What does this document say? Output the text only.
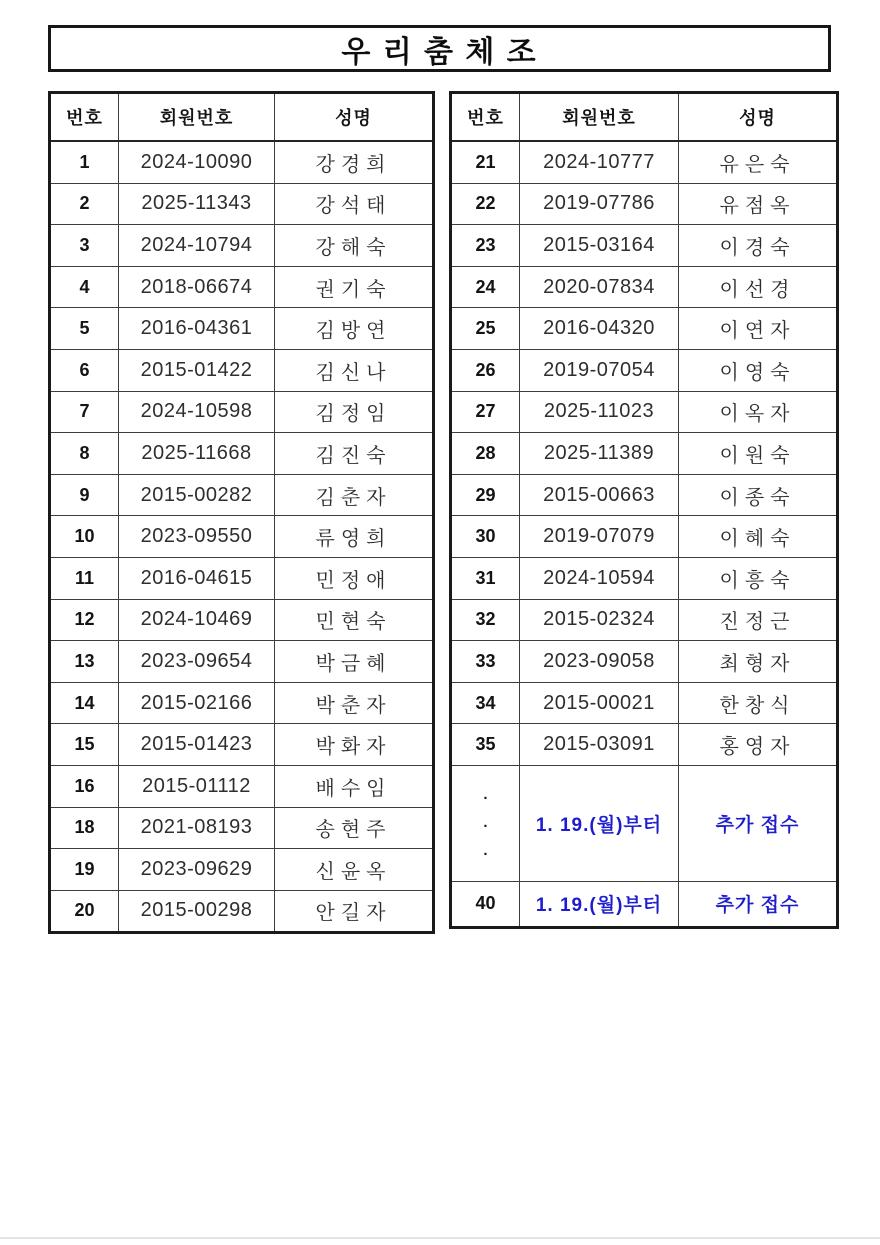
우 리 춤 체 조
번호	회원번호	성명
1	2024-10090	강경희
2	2025-11343	강석태
3	2024-10794	강해숙
4	2018-06674	권기숙
5	2016-04361	김방연
6	2015-01422	김신나
7	2024-10598	김정임
8	2025-11668	김진숙
9	2015-00282	김춘자
10	2023-09550	류영희
11	2016-04615	민정애
12	2024-10469	민현숙
13	2023-09654	박금혜
14	2015-02166	박춘자
15	2015-01423	박화자
16	2015-01112	배수임
18	2021-08193	송현주
19	2023-09629	신윤옥
20	2015-00298	안길자
번호	회원번호	성명
21	2024-10777	유은숙
22	2019-07786	유점옥
23	2015-03164	이경숙
24	2020-07834	이선경
25	2016-04320	이연자
26	2019-07054	이영숙
27	2025-11023	이옥자
28	2025-11389	이원숙
29	2015-00663	이종숙
30	2019-07079	이혜숙
31	2024-10594	이흥숙
32	2015-02324	진정근
33	2023-09058	최형자
34	2015-00021	한창식
35	2015-03091	홍영자

.
.
.	1. 19.(월)부터	추가 접수
40	1. 19.(월)부터	추가 접수
